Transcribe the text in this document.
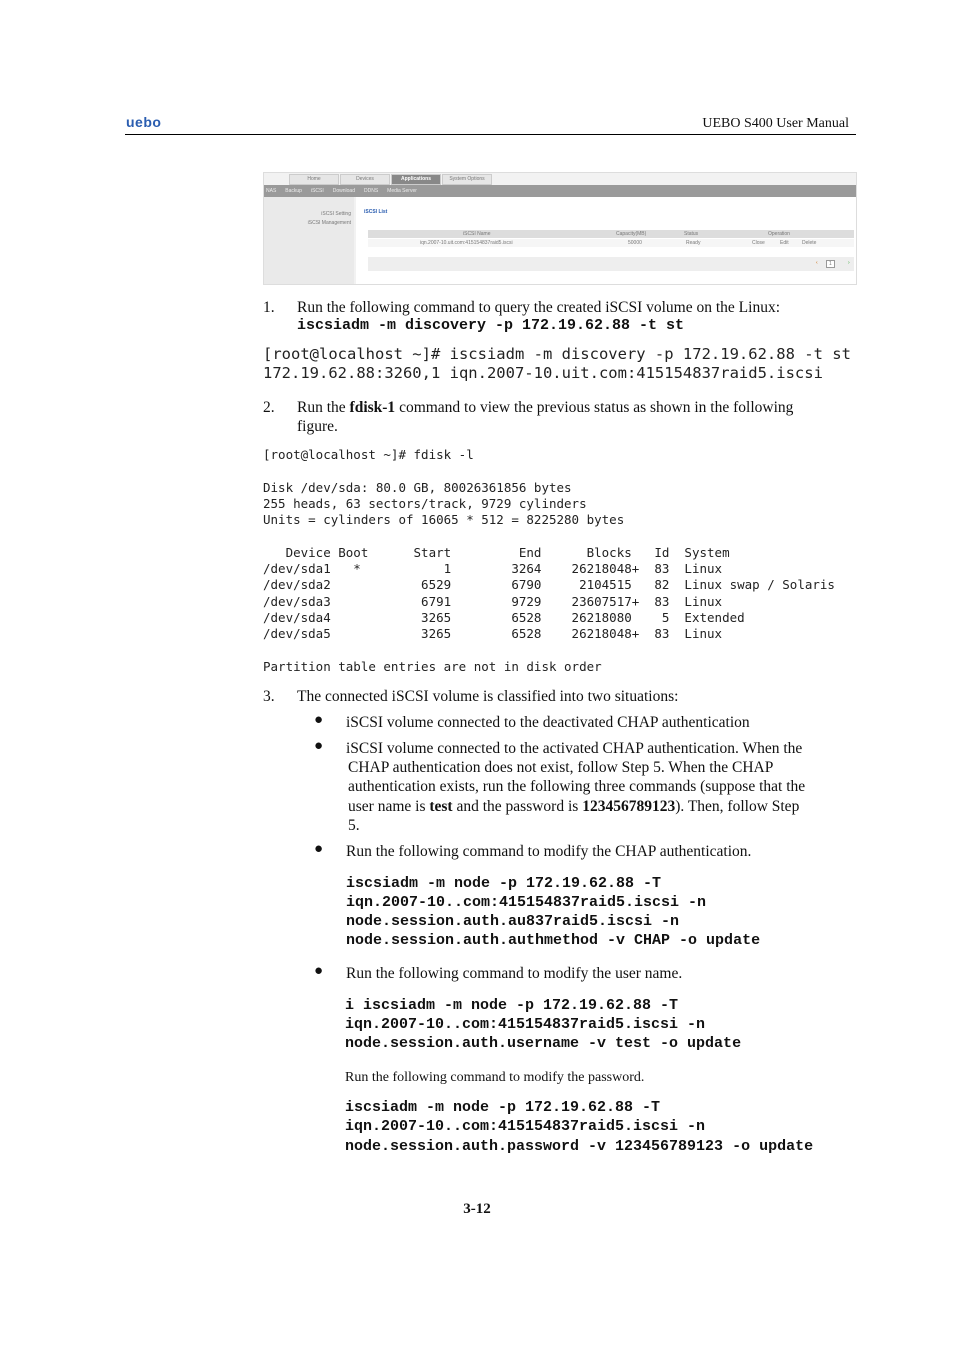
uebo	UEBO S400 User Manual
Home	Devices	Applications	System Options
NAS Backup iSCSI Download DDNS Media Server
iSCSI Setting
iSCSI Management
iSCSI List
iSCSI Name	Capacity(MB)	Status	Operation
iqn.2007-10.uit.com:415154837raid5.iscsi	50000	Ready	Close	Edit	Delete
‹	1	›
1. Run the following command to query the created iSCSI volume on the Linux:
iscsiadm -m discovery -p 172.19.62.88 -t st
[root@localhost ~]# iscsiadm -m discovery -p 172.19.62.88 -t st
172.19.62.88:3260,1 iqn.2007-10.uit.com:415154837raid5.iscsi
2. Run the fdisk-1 command to view the previous status as shown in the following
figure.
[root@localhost ~]# fdisk -l

Disk /dev/sda: 80.0 GB, 80026361856 bytes
255 heads, 63 sectors/track, 9729 cylinders
Units = cylinders of 16065 * 512 = 8225280 bytes

Device Boot      Start         End      Blocks   Id  System
/dev/sda1   *           1        3264    26218048+  83  Linux
/dev/sda2            6529        6790     2104515   82  Linux swap / Solaris
/dev/sda3            6791        9729    23607517+  83  Linux
/dev/sda4            3265        6528    26218080    5  Extended
/dev/sda5            3265        6528    26218048+  83  Linux

Partition table entries are not in disk order
3. The connected iSCSI volume is classified into two situations:
● iSCSI volume connected to the deactivated CHAP authentication
● iSCSI volume connected to the activated CHAP authentication. When the
CHAP authentication does not exist, follow Step 5. When the CHAP
authentication exists, run the following three commands (suppose that the
user name is test and the password is 123456789123). Then, follow Step
5.
● Run the following command to modify the CHAP authentication.
iscsiadm -m node -p 172.19.62.88 -T
iqn.2007-10..com:415154837raid5.iscsi -n
node.session.auth.au837raid5.iscsi -n
node.session.auth.authmethod -v CHAP -o update
● Run the following command to modify the user name.
i iscsiadm -m node -p 172.19.62.88 -T
iqn.2007-10..com:415154837raid5.iscsi -n
node.session.auth.username -v test -o update
Run the following command to modify the password.
iscsiadm -m node -p 172.19.62.88 -T
iqn.2007-10..com:415154837raid5.iscsi -n
node.session.auth.password -v 123456789123 -o update
3-12
